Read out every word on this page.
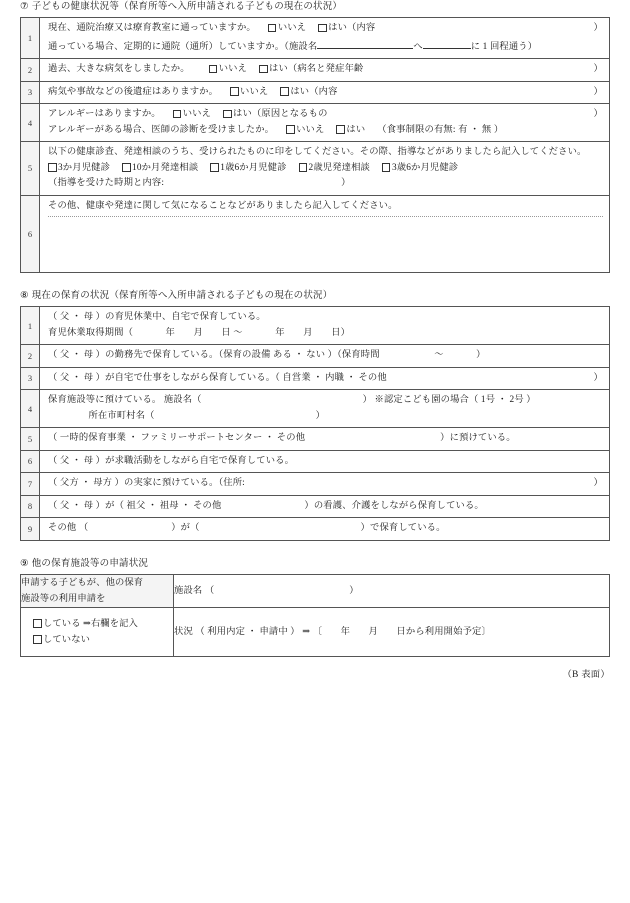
⑦ 子どもの健康状況等（保育所等へ入所申請される子どもの現在の状況）
1	現在、通院治療又は療育教室に通っていますか。 いいえ はい（内容 ）
通っている場合、定期的に通院（通所）していますか。（施設名 へ に 1 回程通う）

2	過去、大きな病気をしましたか。 いいえ はい（病名と発症年齢 ）

3	病気や事故などの後遺症はありますか。 いいえ はい（内容 ）

4	アレルギーはありますか。 いいえ はい（原因となるもの ）
アレルギーがある場合、医師の診断を受けましたか。 いいえ はい （食事制限の有無: 有 ・ 無 ）

5	以下の健康診査、発達相談のうち、受けられたものに印をしてください。その際、指導などがありましたら記入してください。
3か月児健診 10か月発達相談 1歳6か月児健診 2歳児発達相談 3歳6か月児健診
（指導を受けた時期と内容: ）

6	その他、健康や発達に関して気になることなどがありましたら記入してください。
⑧ 現在の保育の状況（保育所等へ入所申請される子どもの現在の状況）
1	（ 父 ・ 母 ）の育児休業中、自宅で保育している。
育児休業取得期間（ 年 月 日 ～ 年 月 日）

2	（ 父 ・ 母 ）の勤務先で保育している。（保育の設備 ある ・ ない ）（保育時間 ～ ）

3	（ 父 ・ 母 ）が自宅で仕事をしながら保育している。（ 自営業 ・ 内職 ・ その他 ）

4	保育施設等に預けている。 施設名（ ） ※認定こども園の場合（ 1号 ・ 2号 ）
所在市町村名（ ）

5	（ 一時的保育事業 ・ ファミリーサポートセンター ・ その他 ）に預けている。

6	（ 父 ・ 母 ）が求職活動をしながら自宅で保育している。

7	（ 父方 ・ 母方 ）の実家に預けている。（住所: ）

8	（ 父 ・ 母 ）が（ 祖父 ・ 祖母 ・ その他 ）の看護、介護をしながら保育している。

9	その他 （ ）が（ ）で保育している。
⑨ 他の保育施設等の申請状況
申請する子どもが、他の保育
施設等の利用申請を	施設名 （ ）

している ⇒右欄を記入
していない	状況 （ 利用内定 ・ 申請中 ） ⇒ 〔 年 月 日から利用開始予定〕
（B 表面）
